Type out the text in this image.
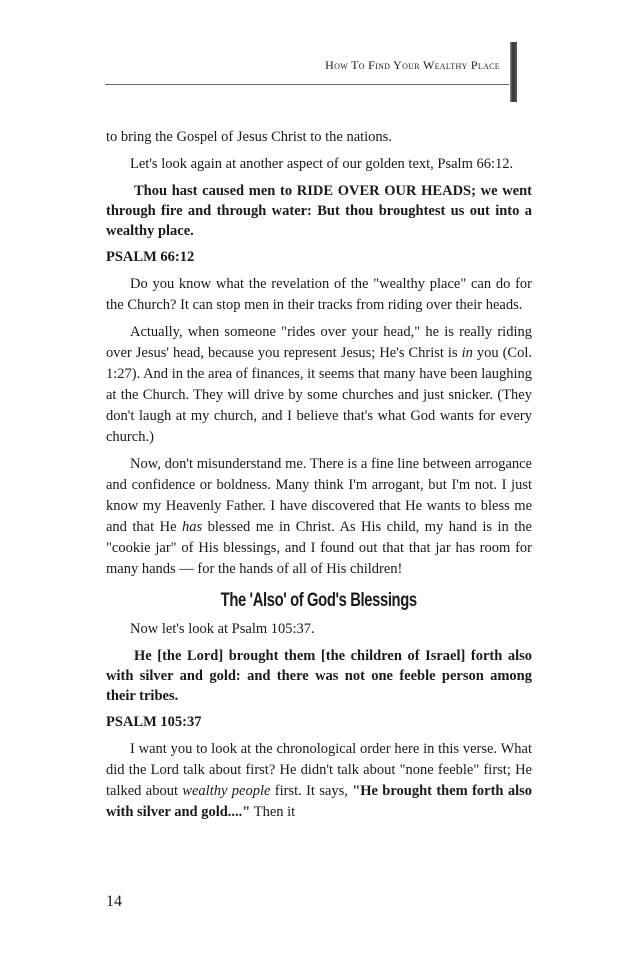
How To Find Your Wealthy Place

to bring the Gospel of Jesus Christ to the nations.

Let's look again at another aspect of our golden text, Psalm 66:12.

Thou hast caused men to RIDE OVER OUR HEADS; we went through fire and through water: But thou broughtest us out into a wealthy place.

PSALM 66:12

Do you know what the revelation of the "wealthy place" can do for the Church? It can stop men in their tracks from riding over their heads.

Actually, when someone "rides over your head," he is really riding over Jesus' head, because you represent Jesus; He's Christ is in you (Col. 1:27). And in the area of finances, it seems that many have been laughing at the Church. They will drive by some churches and just snicker. (They don't laugh at my church, and I believe that's what God wants for every church.)

Now, don't misunderstand me. There is a fine line between arrogance and confidence or boldness. Many think I'm arrogant, but I'm not. I just know my Heavenly Father. I have discovered that He wants to bless me and that He has blessed me in Christ. As His child, my hand is in the "cookie jar" of His blessings, and I found out that that jar has room for many hands — for the hands of all of His children!

The 'Also' of God's Blessings

Now let's look at Psalm 105:37.

He [the Lord] brought them [the children of Israel] forth also with silver and gold: and there was not one feeble person among their tribes.

PSALM 105:37

I want you to look at the chronological order here in this verse. What did the Lord talk about first? He didn't talk about "none feeble" first; He talked about wealthy people first. It says, "He brought them forth also with silver and gold...." Then it

14
